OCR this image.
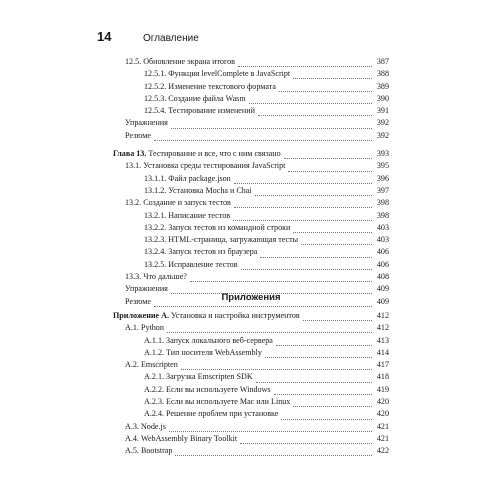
14	Оглавление
12.5. Обновление экрана итогов	387
12.5.1. Функция levelComplete в JavaScript	388
12.5.2. Изменение текстового формата	389
12.5.3. Создание файла Wasm	390
12.5.4. Тестирование изменений	391
Упражнения	392
Резюме	392
Глава 13. Тестирование и все, что с ним связано	393
13.1. Установка среды тестирования JavaScript	395
13.1.1. Файл package.json	396
13.1.2. Установка Mocha и Chai	397
13.2. Создание и запуск тестов	398
13.2.1. Написание тестов	398
13.2.2. Запуск тестов из командной строки	403
13.2.3. HTML-страница, загружающая тесты	403
13.2.4. Запуск тестов из браузера	406
13.2.5. Исправление тестов	406
13.3. Что дальше?	408
Упражнения	409
Резюме	409
Приложения
Приложение А. Установка и настройка инструментов	412
А.1. Python	412
А.1.1. Запуск локального веб-сервера	413
А.1.2. Тип носителя WebAssembly	414
А.2. Emscripten	417
А.2.1. Загрузка Emscripten SDK	418
А.2.2. Если вы используете Windows	419
А.2.3. Если вы используете Mac или Linux	420
А.2.4. Решение проблем при установке	420
А.3. Node.js	421
А.4. WebAssembly Binary Toolkit	421
А.5. Bootstrap	422
